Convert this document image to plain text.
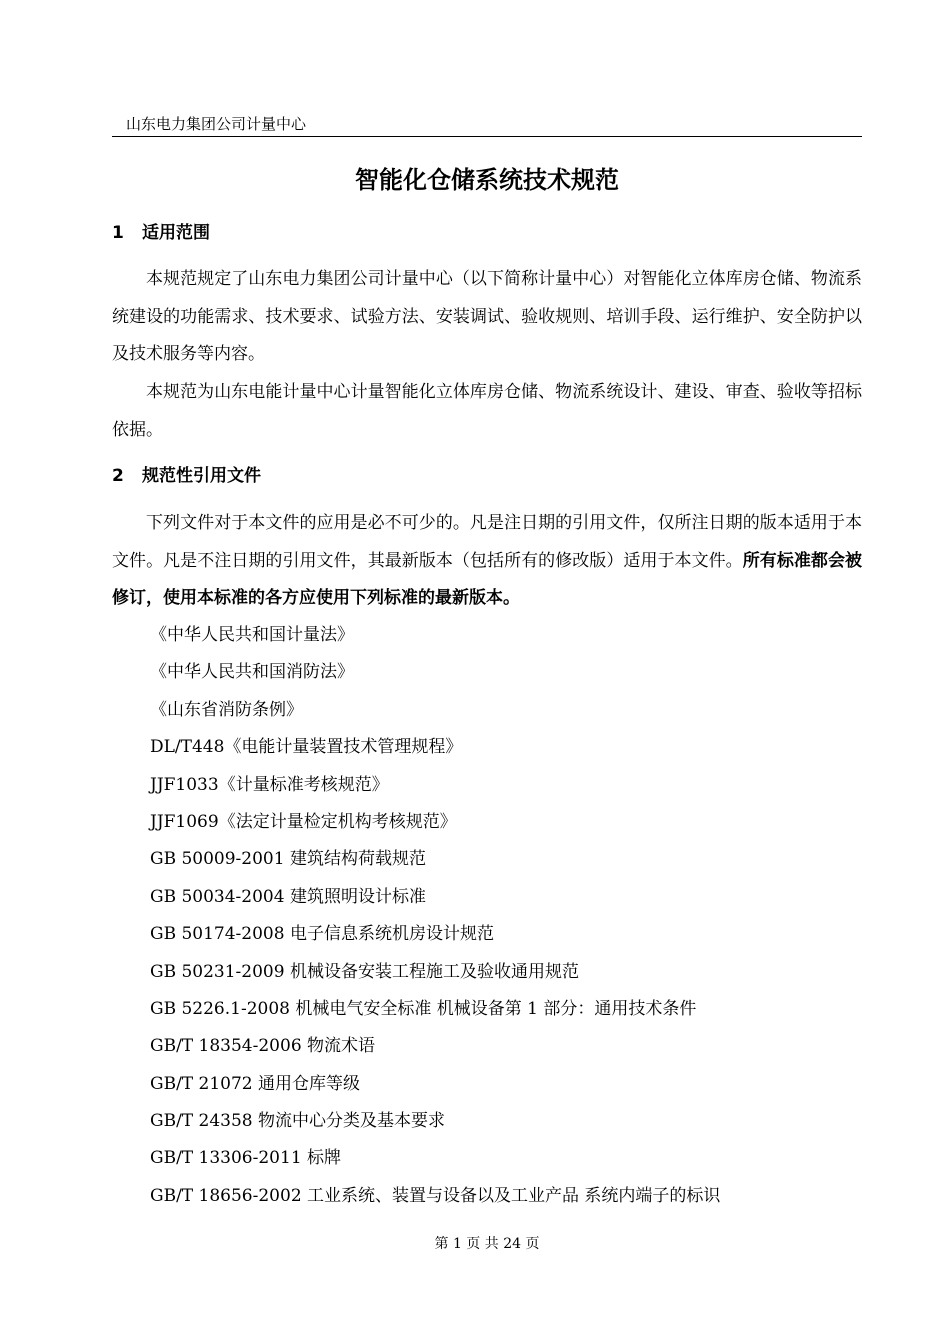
山东电力集团公司计量中心
智能化仓储系统技术规范
1 适用范围
本规范规定了山东电力集团公司计量中心（以下简称计量中心）对智能化立体库房仓储、物流系统建设的功能需求、技术要求、试验方法、安装调试、验收规则、培训手段、运行维护、安全防护以及技术服务等内容。
本规范为山东电能计量中心计量智能化立体库房仓储、物流系统设计、建设、审查、验收等招标依据。
2 规范性引用文件
下列文件对于本文件的应用是必不可少的。凡是注日期的引用文件，仅所注日期的版本适用于本文件。凡是不注日期的引用文件，其最新版本（包括所有的修改版）适用于本文件。所有标准都会被修订，使用本标准的各方应使用下列标准的最新版本。
《中华人民共和国计量法》
《中华人民共和国消防法》
《山东省消防条例》
DL/T448《电能计量装置技术管理规程》
JJF1033《计量标准考核规范》
JJF1069《法定计量检定机构考核规范》
GB 50009-2001 建筑结构荷载规范
GB 50034-2004 建筑照明设计标准
GB 50174-2008 电子信息系统机房设计规范
GB 50231-2009 机械设备安装工程施工及验收通用规范
GB 5226.1-2008 机械电气安全标准 机械设备第 1 部分：通用技术条件
GB/T 18354-2006 物流术语
GB/T 21072 通用仓库等级
GB/T 24358 物流中心分类及基本要求
GB/T 13306-2011 标牌
GB/T 18656-2002 工业系统、装置与设备以及工业产品 系统内端子的标识
第 1 页 共 24 页
